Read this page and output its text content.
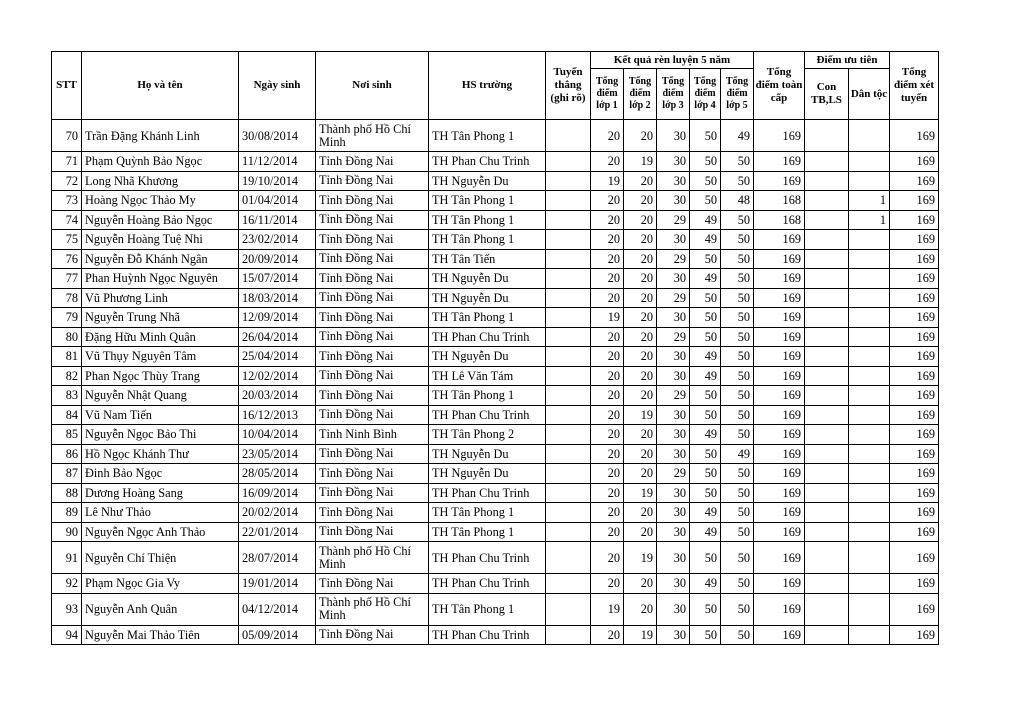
STT	Họ và tên	Ngày sinh	Nơi sinh	HS trường	Tuyển thẳng (ghi rõ)	Kết quả rèn luyện 5 năm					Tổng điểm toàn cấp	Điểm ưu tiên		Tổng điểm xét tuyển
						Tổng điểm lớp 1	Tổng điểm lớp 2	Tổng điểm lớp 3	Tổng điểm lớp 4	Tổng điểm lớp 5		Con TB,LS	Dân tộc	
70	Trần Đặng Khánh Linh	30/08/2014	Thành phố Hồ Chí Minh	TH Tân Phong 1		20	20	30	50	49	169			169
71	Phạm Quỳnh Bảo Ngọc	11/12/2014	Tỉnh Đồng Nai	TH Phan Chu Trinh		20	19	30	50	50	169			169
72	Long Nhã Khương	19/10/2014	Tỉnh Đồng Nai	TH Nguyễn Du		19	20	30	50	50	169			169
73	Hoàng Ngọc Thảo My	01/04/2014	Tỉnh Đồng Nai	TH Tân Phong 1		20	20	30	50	48	168		1	169
74	Nguyễn Hoàng Bảo Ngọc	16/11/2014	Tỉnh Đồng Nai	TH Tân Phong 1		20	20	29	49	50	168		1	169
75	Nguyễn Hoàng Tuệ Nhi	23/02/2014	Tỉnh Đồng Nai	TH Tân Phong 1		20	20	30	49	50	169			169
76	Nguyễn Đỗ Khánh Ngân	20/09/2014	Tỉnh Đồng Nai	TH Tân Tiến		20	20	29	50	50	169			169
77	Phan Huỳnh Ngọc Nguyên	15/07/2014	Tỉnh Đồng Nai	TH Nguyễn Du		20	20	30	49	50	169			169
78	Vũ Phương Linh	18/03/2014	Tỉnh Đồng Nai	TH Nguyễn Du		20	20	29	50	50	169			169
79	Nguyễn Trung Nhã	12/09/2014	Tỉnh Đồng Nai	TH Tân Phong 1		19	20	30	50	50	169			169
80	Đặng Hữu Minh Quân	26/04/2014	Tỉnh Đồng Nai	TH Phan Chu Trinh		20	20	29	50	50	169			169
81	Vũ Thụy Nguyên Tâm	25/04/2014	Tỉnh Đồng Nai	TH Nguyễn Du		20	20	30	49	50	169			169
82	Phan Ngọc Thùy Trang	12/02/2014	Tỉnh Đồng Nai	TH Lê Văn Tám		20	20	30	49	50	169			169
83	Nguyễn Nhật Quang	20/03/2014	Tỉnh Đồng Nai	TH Tân Phong 1		20	20	29	50	50	169			169
84	Vũ Nam Tiến	16/12/2013	Tỉnh Đồng Nai	TH Phan Chu Trinh		20	19	30	50	50	169			169
85	Nguyễn Ngọc Bảo Thi	10/04/2014	Tỉnh Ninh Bình	TH Tân Phong 2		20	20	30	49	50	169			169
86	Hồ Ngọc Khánh Thư	23/05/2014	Tỉnh Đồng Nai	TH Nguyễn Du		20	20	30	50	49	169			169
87	Đinh Bảo Ngọc	28/05/2014	Tỉnh Đồng Nai	TH Nguyễn Du		20	20	29	50	50	169			169
88	Dương Hoàng Sang	16/09/2014	Tỉnh Đồng Nai	TH Phan Chu Trinh		20	19	30	50	50	169			169
89	Lê Như Thảo	20/02/2014	Tỉnh Đồng Nai	TH Tân Phong 1		20	20	30	49	50	169			169
90	Nguyễn Ngọc Anh Thảo	22/01/2014	Tỉnh Đồng Nai	TH Tân Phong 1		20	20	30	49	50	169			169
91	Nguyễn Chí Thiện	28/07/2014	Thành phố Hồ Chí Minh	TH Phan Chu Trinh		20	19	30	50	50	169			169
92	Phạm Ngọc Gia Vy	19/01/2014	Tỉnh Đồng Nai	TH Phan Chu Trinh		20	20	30	49	50	169			169
93	Nguyễn Anh Quân	04/12/2014	Thành phố Hồ Chí Minh	TH Tân Phong 1		19	20	30	50	50	169			169
94	Nguyễn Mai Thảo Tiên	05/09/2014	Tỉnh Đồng Nai	TH Phan Chu Trinh		20	19	30	50	50	169			169
